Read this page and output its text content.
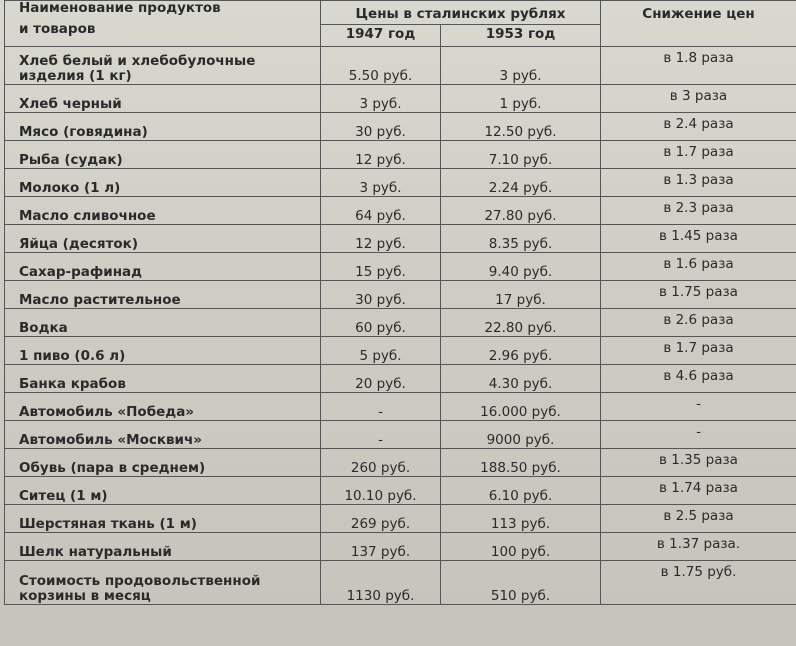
Наименование продуктов
и товаров	Цены в сталинских рублях		Снижение цен
	1947 год	1953 год	

Хлеб белый и хлебобулочные
изделия (1 кг)	5.50 руб.	3 руб.	в 1.8 раза

Хлеб черный	3 руб.	1 руб.	в 3 раза

Мясо (говядина)	30 руб.	12.50 руб.	в 2.4 раза

Рыба (судак)	12 руб.	7.10 руб.	в 1.7 раза

Молоко (1 л)	3 руб.	2.24 руб.	в 1.3 раза

Масло сливочное	64 руб.	27.80 руб.	в 2.3 раза

Яйца (десяток)	12 руб.	8.35 руб.	в 1.45 раза

Сахар-рафинад	15 руб.	9.40 руб.	в 1.6 раза

Масло растительное	30 руб.	17 руб.	в 1.75 раза

Водка	60 руб.	22.80 руб.	в 2.6 раза

1 пиво (0.6 л)	5 руб.	2.96 руб.	в 1.7 раза

Банка крабов	20 руб.	4.30 руб.	в 4.6 раза

Автомобиль «Победа»	-	16.000 руб.	-

Автомобиль «Москвич»	-	9000 руб.	-

Обувь (пара в среднем)	260 руб.	188.50 руб.	в 1.35 раза

Ситец (1 м)	10.10 руб.	6.10 руб.	в 1.74 раза

Шерстяная ткань (1 м)	269 руб.	113 руб.	в 2.5 раза

Шелк натуральный	137 руб.	100 руб.	в 1.37 раза.

Стоимость продовольственной
корзины в месяц	1130 руб.	510 руб.	в 1.75 руб.
